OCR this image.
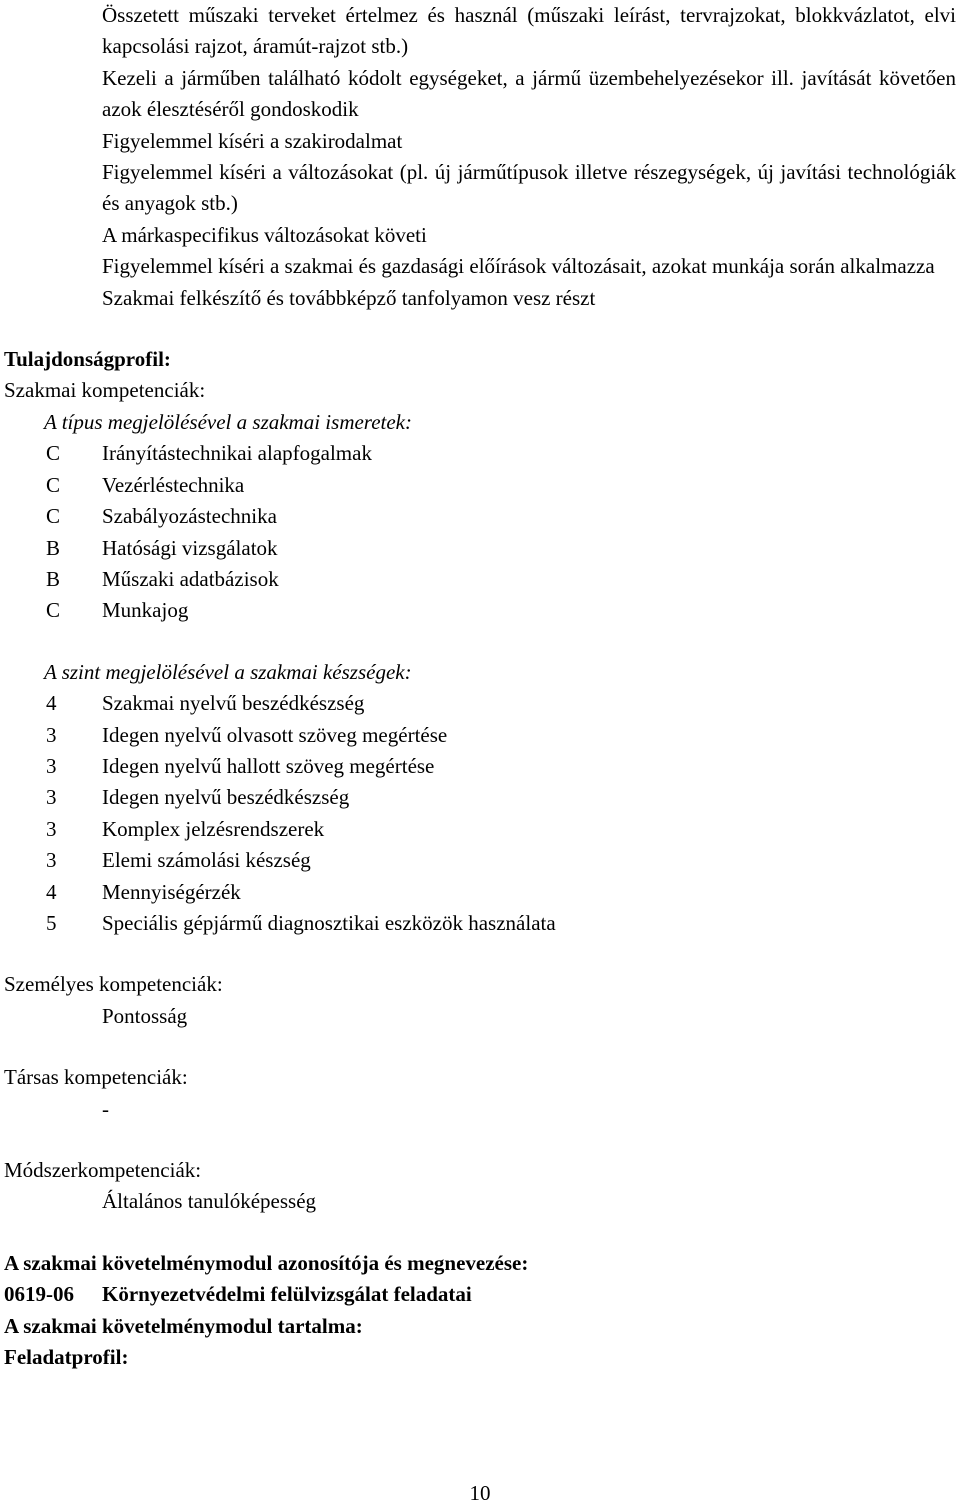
Összetett műszaki terveket értelmez és használ (műszaki leírást, tervrajzokat, blokkvázlatot, elvi kapcsolási rajzot, áramút-rajzot stb.)
Kezeli a járműben található kódolt egységeket, a jármű üzembehelyezésekor ill. javítását követően azok élesztéséről gondoskodik
Figyelemmel kíséri a szakirodalmat
Figyelemmel kíséri a változásokat (pl. új járműtípusok illetve részegységek, új javítási technológiák és anyagok stb.)
A márkaspecifikus változásokat követi
Figyelemmel kíséri a szakmai és gazdasági előírások változásait, azokat munkája során alkalmazza
Szakmai felkészítő és továbbképző tanfolyamon vesz részt
Tulajdonságprofil:
Szakmai kompetenciák:
A típus megjelölésével a szakmai ismeretek:
C	Irányítástechnikai alapfogalmak
C	Vezérléstechnika
C	Szabályozástechnika
B	Hatósági vizsgálatok
B	Műszaki adatbázisok
C	Munkajog
A szint megjelölésével a szakmai készségek:
4	Szakmai nyelvű beszédkészség
3	Idegen nyelvű olvasott szöveg megértése
3	Idegen nyelvű hallott szöveg megértése
3	Idegen nyelvű beszédkészség
3	Komplex jelzésrendszerek
3	Elemi számolási készség
4	Mennyiségérzék
5	Speciális gépjármű diagnosztikai eszközök használata
Személyes kompetenciák:
Pontosság
Társas kompetenciák:
-
Módszerkompetenciák:
Általános tanulóképesség
A szakmai követelménymodul azonosítója és megnevezése:
0619-06	Környezetvédelmi felülvizsgálat feladatai
A szakmai követelménymodul tartalma:
Feladatprofil:
10
